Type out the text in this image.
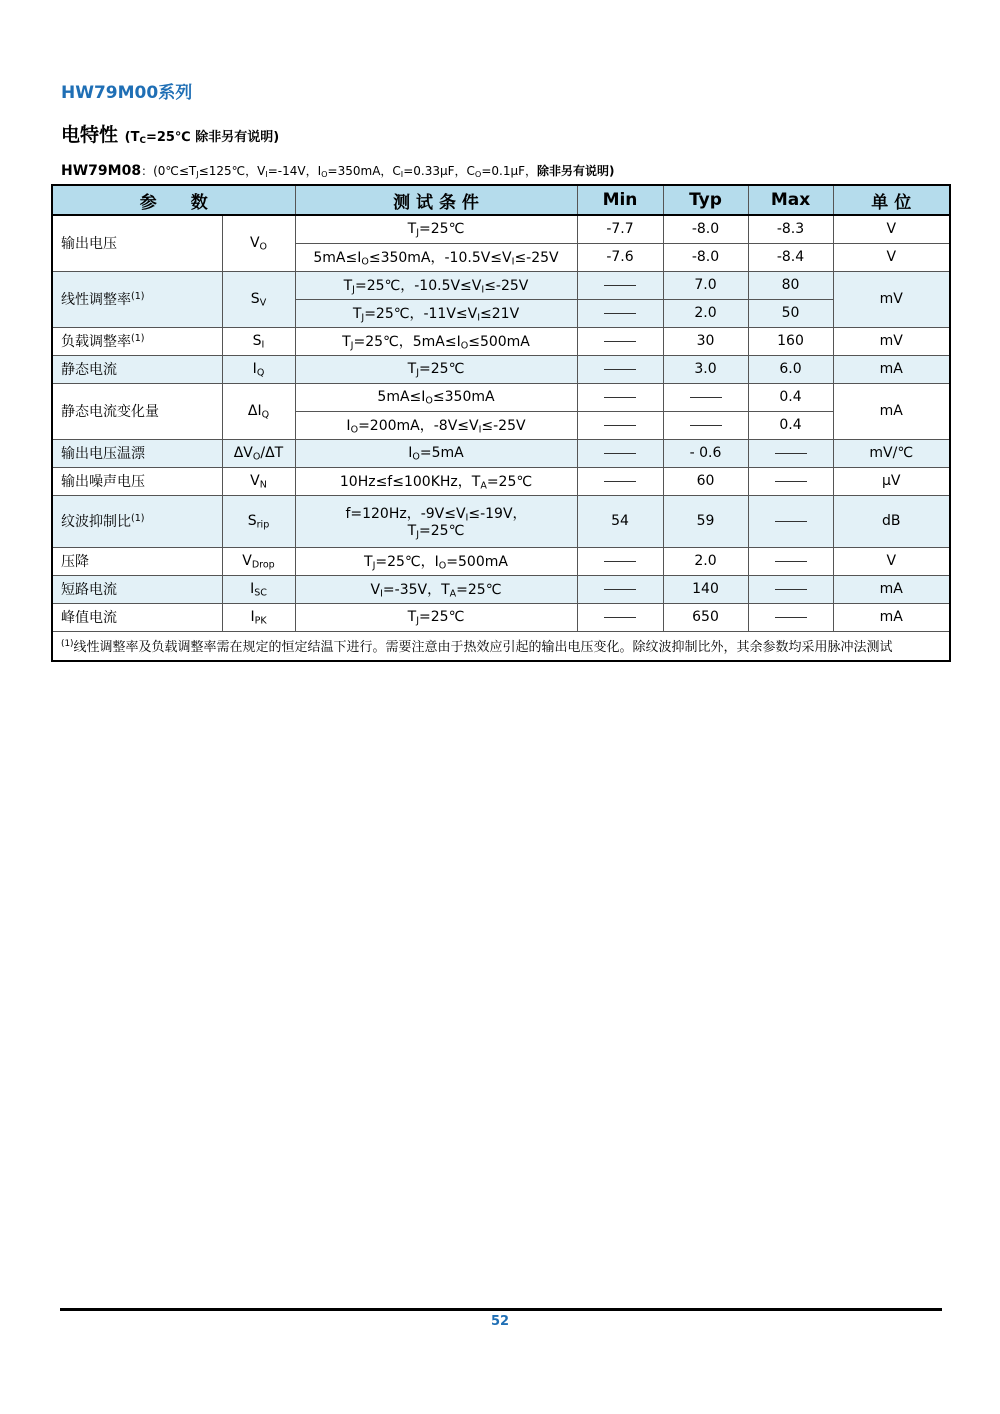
HW79M00系列
电特性 ($T_C=25℃$ 除非另有说明)
HW79M08：($0℃\le T_J\le 125℃$，$V_I=-14V$，$I_O=350mA$，$C_I=0.33\mu F$，$C_O=0.1\mu F$，除非另有说明)
参　　数		测 试 条 件	Min	Typ	Max	单 位
输出电压	$V_O$	$T_J=25℃$	-7.7	-8.0	-8.3	V
		$5mA\le I_O\le 350mA$，$-10.5V\le V_I\le-25V$	-7.6	-8.0	-8.4	V
线性调整率$^{(1)}$	$S_V$	$T_J=25℃$，$-10.5V\le V_I\le-25V$		7.0	80	mV
		$T_J=25℃$，$-11V\le V_I\le 21V$		2.0	50	
负载调整率$^{(1)}$	$S_I$	$T_J=25℃$，$5mA\le I_O\le 500mA$		30	160	mV
静态电流	$I_Q$	$T_J=25℃$		3.0	6.0	mA
静态电流变化量	$\Delta I_Q$	$5mA\le I_O\le 350mA$			0.4	mA
		$I_O=200mA$，$-8V\le V_I\le-25V$			0.4	
输出电压温漂	$\Delta V_O/\Delta T$	$I_O=5mA$		- 0.6		mV/℃
输出噪声电压	$V_N$	10Hz≤f≤100KHz，$T_A=25℃$		60		μV
纹波抑制比$^{(1)}$	$S_{rip}$	f=120Hz，$-9V\le V_I\le-19V$，
$T_J=25℃$	54	59		dB
压降	$V_{Drop}$	$T_J=25℃$，$I_O=500mA$		2.0		V
短路电流	$I_{SC}$	$V_I=-35V$，$T_A=25℃$		140		mA
峰值电流	$I_{PK}$	$T_J=25℃$		650		mA
$^{(1)}$线性调整率及负载调整率需在规定的恒定结温下进行。需要注意由于热效应引起的输出电压变化。除纹波抑制比外，其余参数均采用脉冲法测试						
52
